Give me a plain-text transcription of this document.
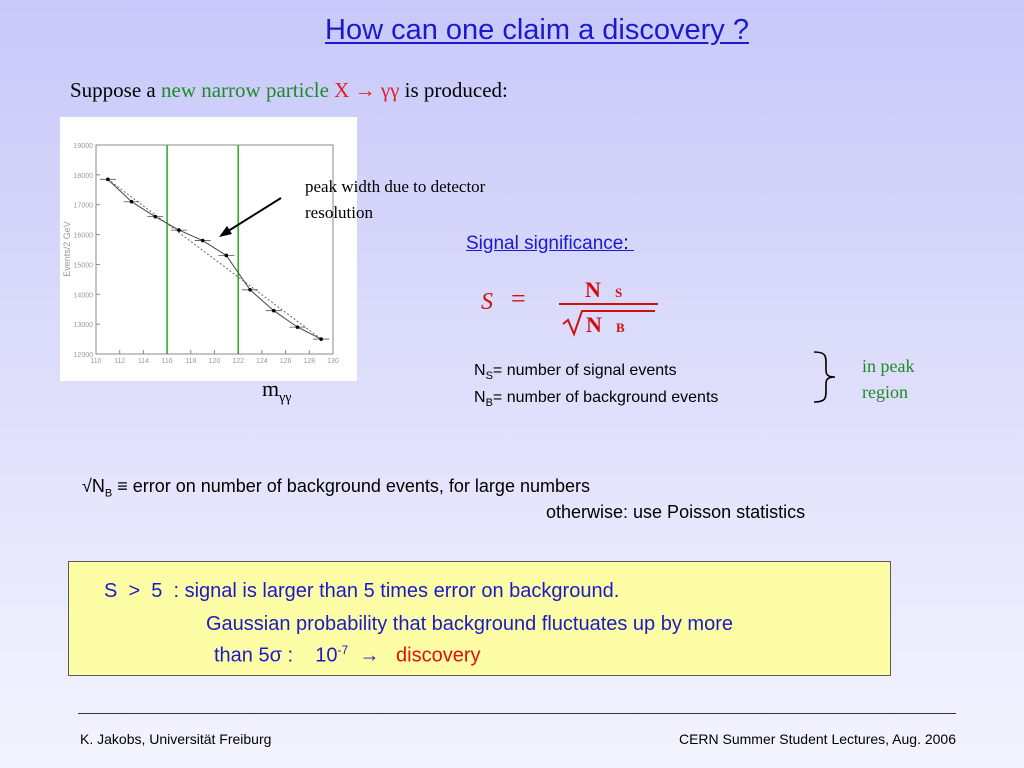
How can one claim a discovery ?
Suppose a new narrow particle X → γγ is produced:
19000
18000
17000
16000
15000
14000
13000
12000
110 112 114 116 118 120 122 124 126 128 130
Events/2 GeV
$m_{\gamma\gamma}$
peak width due to detector resolution
Signal significance:
S =	N S
N B
$N_S=$ number of signal events
$N_B=$ number of background events
in peak region
$√N_B$ ≡ error on number of background events, for large numbers
otherwise: use Poisson statistics
S  >  5  : signal is larger than 5 times error on background.
Gaussian probability that background fluctuates up by more
than 5σ :    $10^{-7}$  →   discovery
K. Jakobs, Universität Freiburg	CERN Summer Student Lectures, Aug. 2006
